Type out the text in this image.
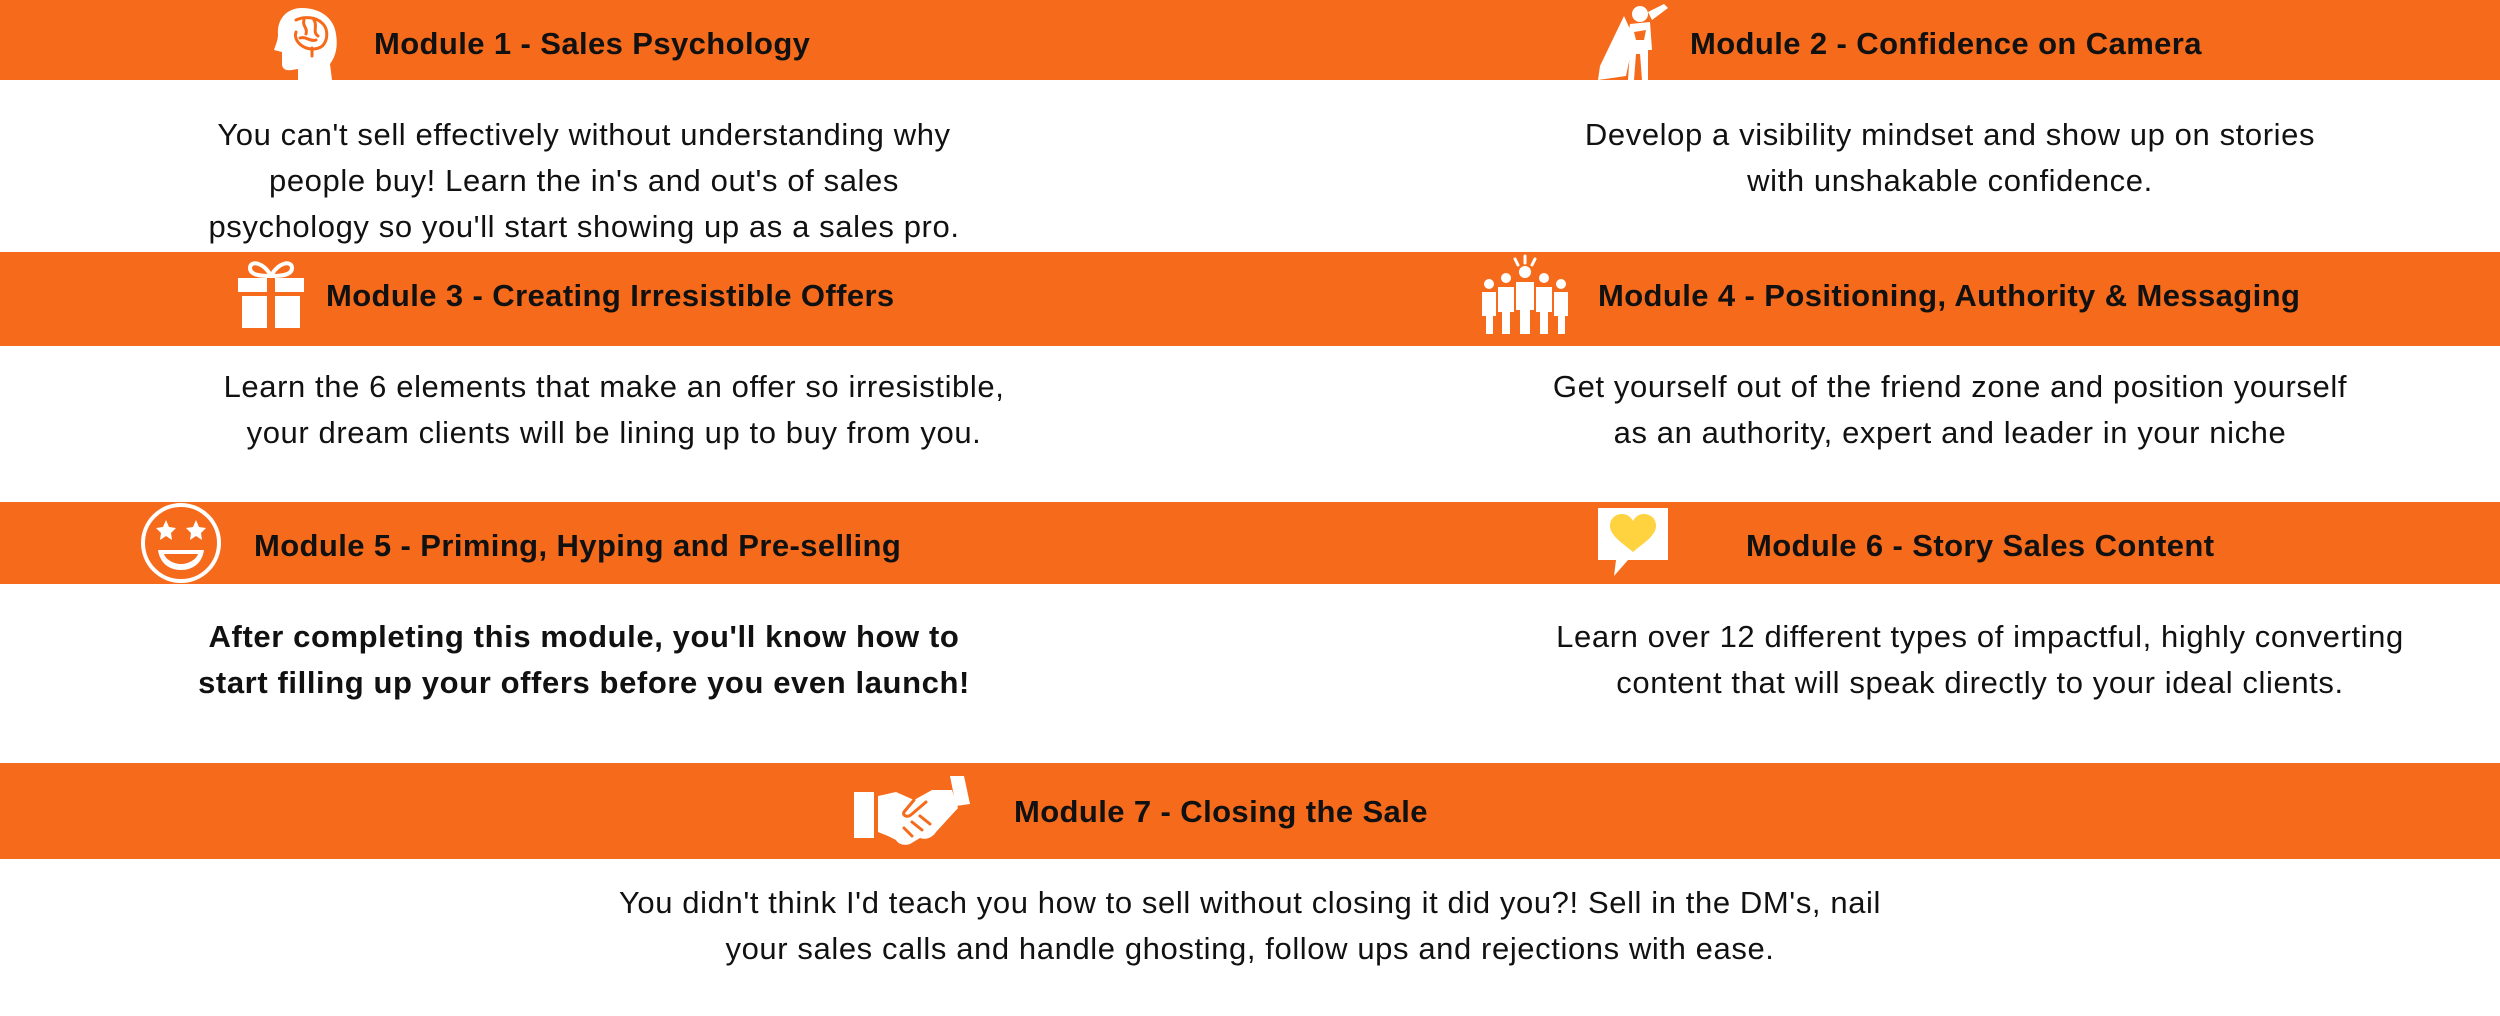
Module 1 - Sales Psychology
You can't sell effectively without understanding why
people buy! Learn the in's and out's of sales
psychology so you'll start showing up as a sales pro.
Module 2 - Confidence on Camera
Develop a visibility mindset and show up on stories
with unshakable confidence.
Module 3 - Creating Irresistible Offers
Learn the 6 elements that make an offer so irresistible,
your dream clients will be lining up to buy from you.
Module 4 - Positioning, Authority & Messaging
Get yourself out of the friend zone and position yourself
as an authority, expert and leader in your niche
Module 5 - Priming, Hyping and Pre-selling
After completing this module, you'll know how to
start filling up your offers before you even launch!
Module 6 - Story Sales Content
Learn over 12 different types of impactful, highly converting
content that will speak directly to your ideal clients.
Module 7 - Closing the Sale
You didn't think I'd teach you how to sell without closing it did you?! Sell in the DM's, nail
your sales calls and handle ghosting, follow ups and rejections with ease.
